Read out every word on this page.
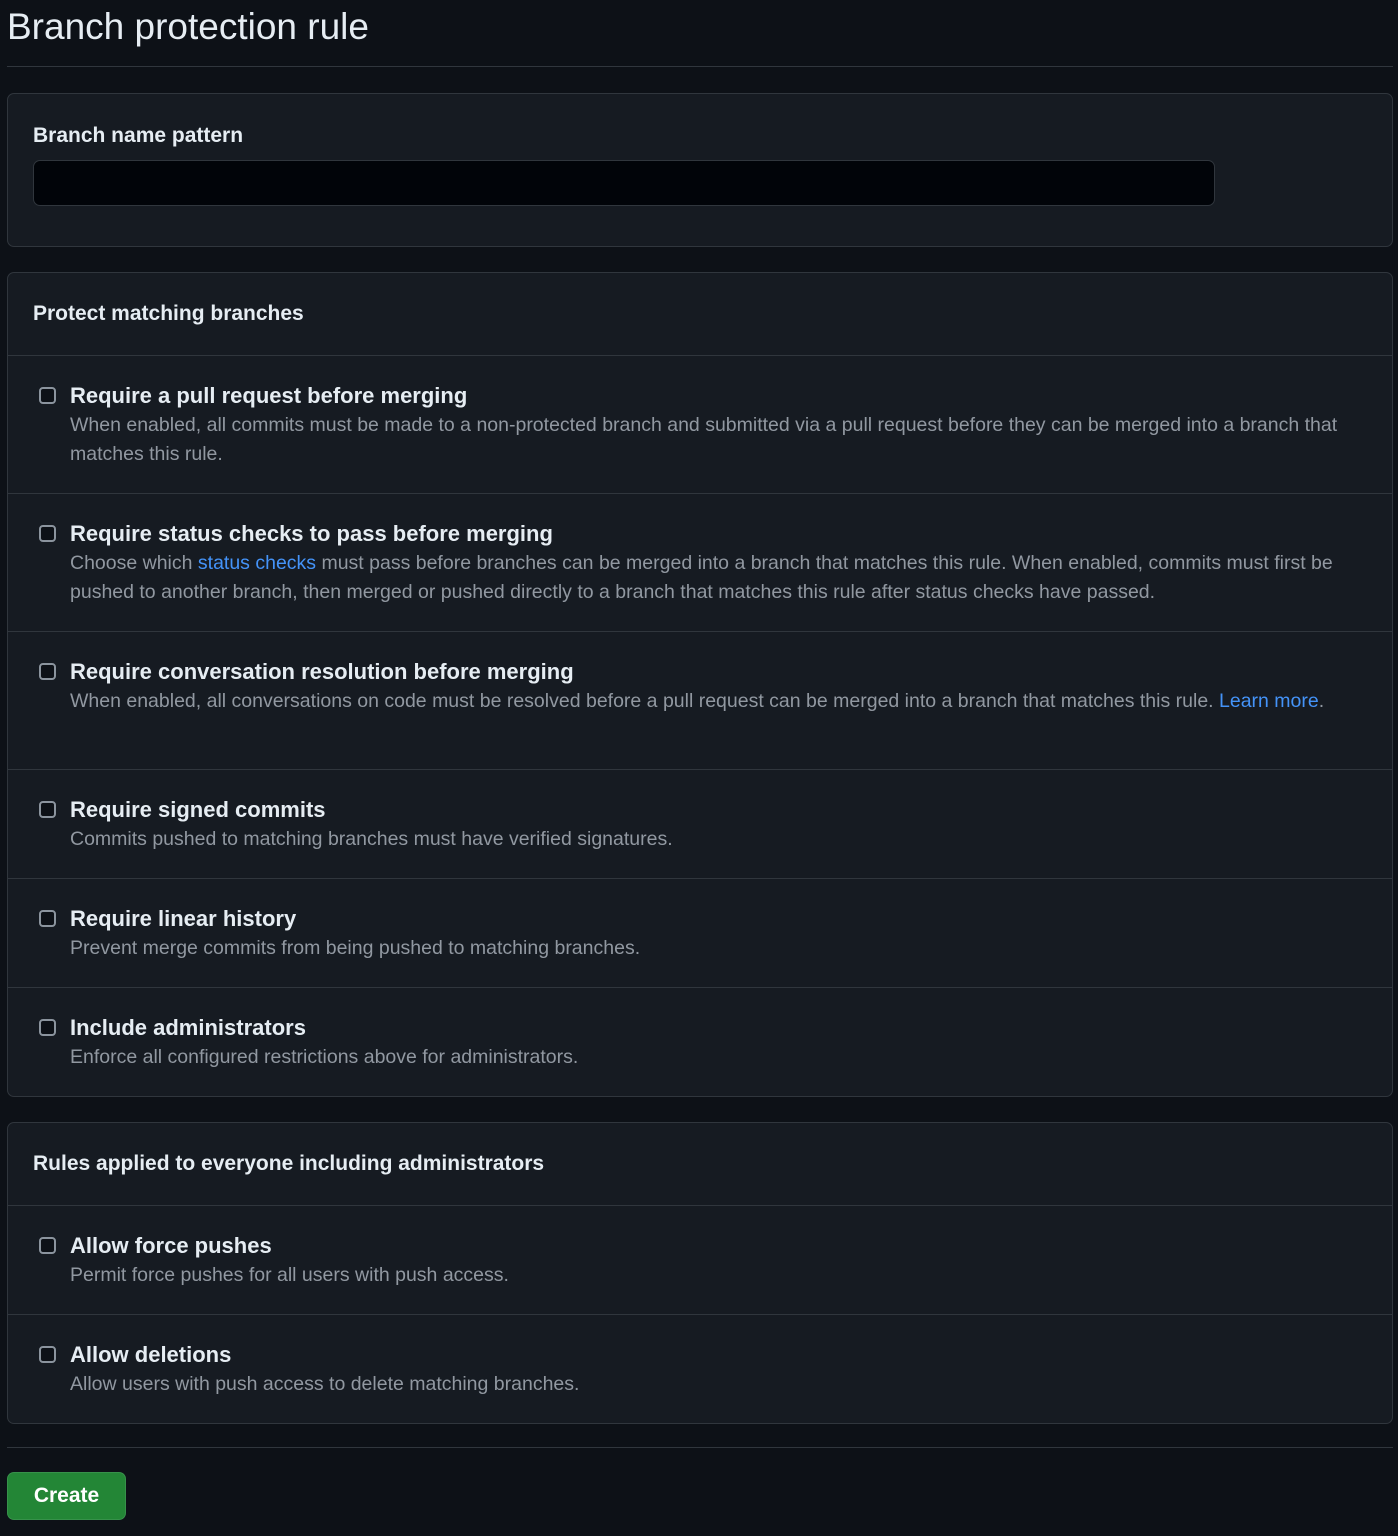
Branch protection rule
Branch name pattern
Protect matching branches
Require a pull request before merging
When enabled, all commits must be made to a non-protected branch and submitted via a pull request before they can be merged into a branch that matches this rule.
Require status checks to pass before merging
Choose which status checks must pass before branches can be merged into a branch that matches this rule. When enabled, commits must first be pushed to another branch, then merged or pushed directly to a branch that matches this rule after status checks have passed.
Require conversation resolution before merging
When enabled, all conversations on code must be resolved before a pull request can be merged into a branch that matches this rule. Learn more.
Require signed commits
Commits pushed to matching branches must have verified signatures.
Require linear history
Prevent merge commits from being pushed to matching branches.
Include administrators
Enforce all configured restrictions above for administrators.
Rules applied to everyone including administrators
Allow force pushes
Permit force pushes for all users with push access.
Allow deletions
Allow users with push access to delete matching branches.
Create
